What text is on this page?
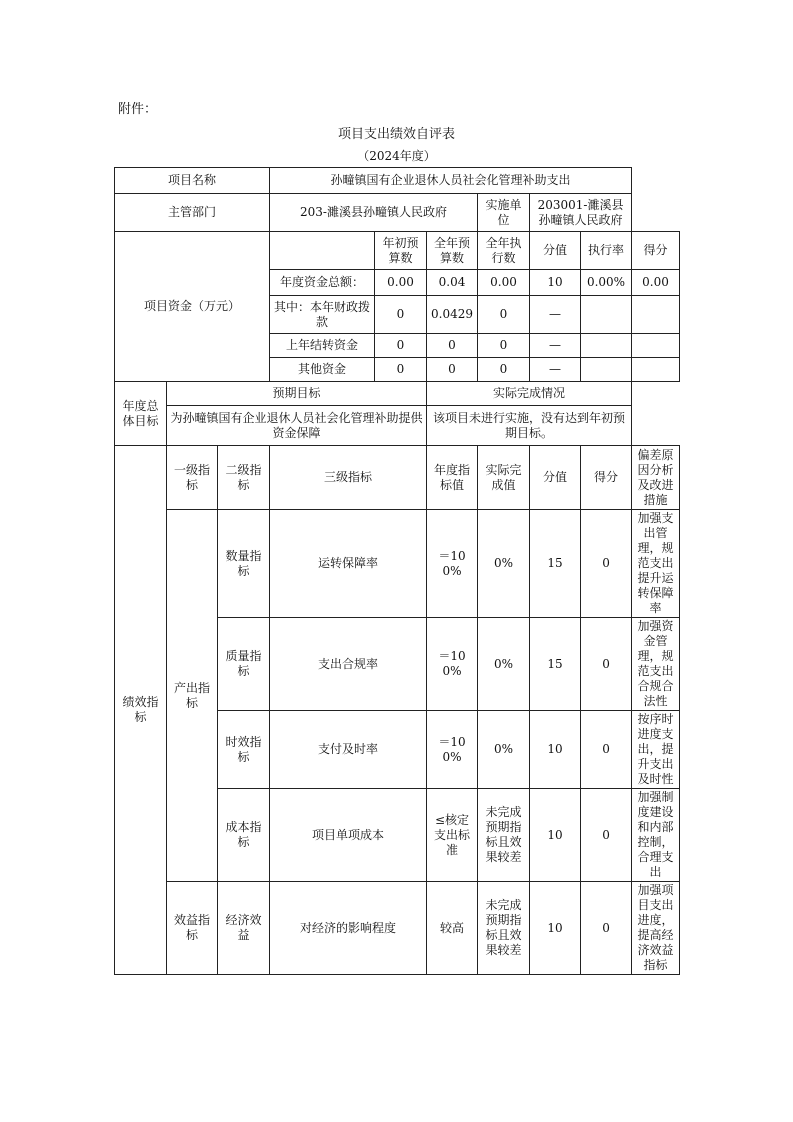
附件：
项目支出绩效自评表
（2024年度）
项目名称			孙疃镇国有企业退休人员社会化管理补助支出						
主管部门			203-濉溪县孙疃镇人民政府			实施单位	203001-濉溪县孙疃镇人民政府		
项目资金（万元）				年初预算数	全年预算数	全年执行数	分值	执行率	得分
			年度资金总额：	0.00	0.04	0.00	10	0.00%	0.00
			其中：本年财政拨款	0	0.0429	0	—		
			上年结转资金	0	0	0	—		
			其他资金	0	0	0	—		
年度总体目标	预期目标				实际完成情况				
	为孙疃镇国有企业退休人员社会化管理补助提供资金保障				该项目未进行实施，没有达到年初预期目标。				
绩效指标	一级指标	二级指标	三级指标		年度指标值	实际完成值	分值	得分	偏差原因分析及改进措施
	产出指标	数量指标	运转保障率		＝100%	0%	15	0	加强支出管理，规范支出提升运转保障率
		质量指标	支出合规率		＝100%	0%	15	0	加强资金管理，规范支出合规合法性
		时效指标	支付及时率		＝100%	0%	10	0	按序时进度支出，提升支出及时性
		成本指标	项目单项成本		≤核定支出标准	未完成预期指标且效果较差	10	0	加强制度建设和内部控制，合理支出
	效益指标	经济效益	对经济的影响程度		较高	未完成预期指标且效果较差	10	0	加强项目支出进度，提高经济效益指标
